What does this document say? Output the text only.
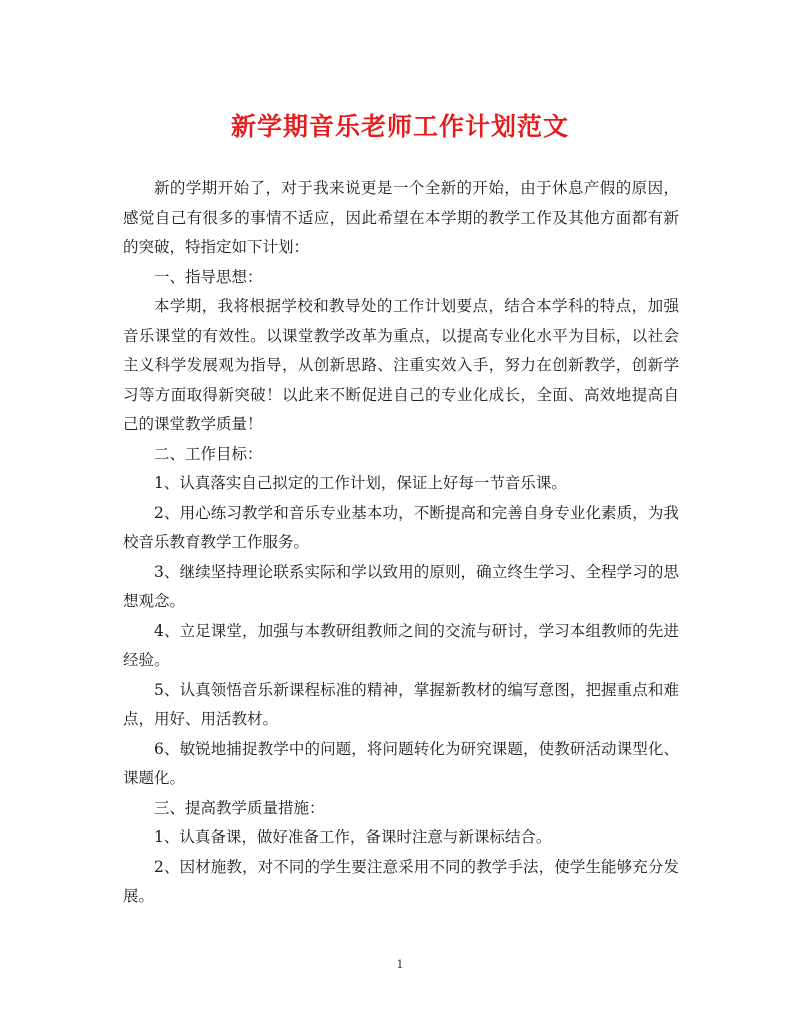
新学期音乐老师工作计划范文

新的学期开始了，对于我来说更是一个全新的开始，由于休息产假的原因，感觉自己有很多的事情不适应，因此希望在本学期的教学工作及其他方面都有新的突破，特指定如下计划：

一、指导思想：

本学期，我将根据学校和教导处的工作计划要点，结合本学科的特点，加强音乐课堂的有效性。以课堂教学改革为重点，以提高专业化水平为目标，以社会主义科学发展观为指导，从创新思路、注重实效入手，努力在创新教学，创新学习等方面取得新突破！以此来不断促进自己的专业化成长，全面、高效地提高自己的课堂教学质量！

二、工作目标：

1、认真落实自己拟定的工作计划，保证上好每一节音乐课。

2、用心练习教学和音乐专业基本功，不断提高和完善自身专业化素质，为我校音乐教育教学工作服务。

3、继续坚持理论联系实际和学以致用的原则，确立终生学习、全程学习的思想观念。

4、立足课堂，加强与本教研组教师之间的交流与研讨，学习本组教师的先进经验。

5、认真领悟音乐新课程标准的精神，掌握新教材的编写意图，把握重点和难点，用好、用活教材。

6、敏锐地捕捉教学中的问题，将问题转化为研究课题，使教研活动课型化、课题化。

三、提高教学质量措施：

1、认真备课，做好准备工作，备课时注意与新课标结合。

2、因材施教，对不同的学生要注意采用不同的教学手法，使学生能够充分发展。

1
